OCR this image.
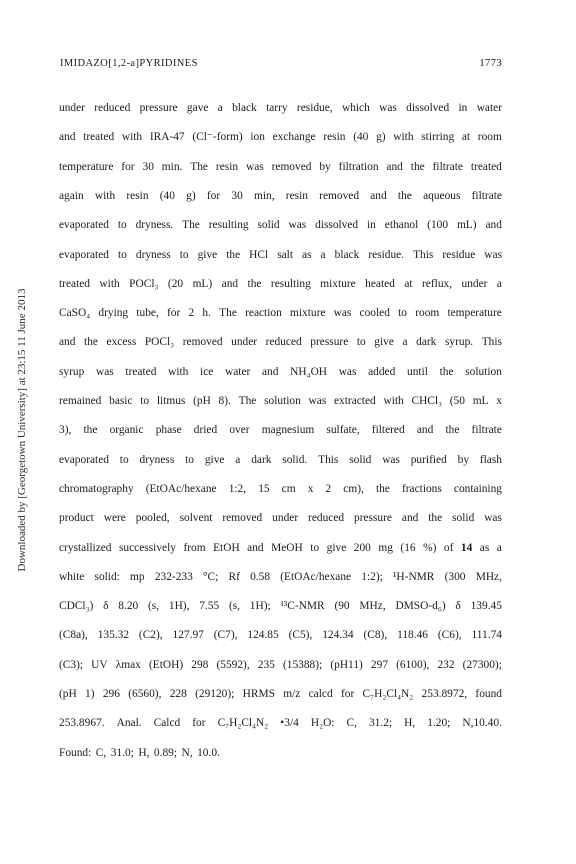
IMIDAZO[1,2-a]PYRIDINES	1773
Downloaded by [Georgetown University] at 23:15 11 June 2013
under reduced pressure gave a black tarry residue, which was dissolved in water
and treated with IRA-47 (Cl⁻-form) ion exchange resin (40 g) with stirring at room
temperature for 30 min. The resin was removed by filtration and the filtrate treated
again with resin (40 g) for 30 min, resin removed and the aqueous filtrate
evaporated to dryness. The resulting solid was dissolved in ethanol (100 mL) and
evaporated to dryness to give the HCl salt as a black residue. This residue was
treated with POCl₃ (20 mL) and the resulting mixture heated at reflux, under a
CaSO₄ drying tube, for 2 h. The reaction mixture was cooled to room temperature
and the excess POCl₃ removed under reduced pressure to give a dark syrup. This
syrup was treated with ice water and NH₄OH was added until the solution
remained basic to litmus (pH 8). The solution was extracted with CHCl₃ (50 mL x
3), the organic phase dried over magnesium sulfate, filtered and the filtrate
evaporated to dryness to give a dark solid. This solid was purified by flash
chromatography (EtOAc/hexane 1:2, 15 cm x 2 cm), the fractions containing
product were pooled, solvent removed under reduced pressure and the solid was
crystallized successively from EtOH and MeOH to give 200 mg (16 %) of 14 as a
white solid: mp 232-233 °C; Rf 0.58 (EtOAc/hexane 1:2); ¹H-NMR (300 MHz,
CDCl₃) δ 8.20 (s, 1H), 7.55 (s, 1H); ¹³C-NMR (90 MHz, DMSO-d₆) δ 139.45
(C8a), 135.32 (C2), 127.97 (C7), 124.85 (C5), 124.34 (C8), 118.46 (C6), 111.74
(C3); UV λmax (EtOH) 298 (5592), 235 (15388); (pH11) 297 (6100), 232 (27300);
(pH 1) 296 (6560), 228 (29120); HRMS m/z calcd for C₇H₂Cl₄N₂ 253.8972, found
253.8967. Anal. Calcd for C₇H₂Cl₄N₂ •3/4 H₂O: C, 31.2; H, 1.20; N,10.40.
Found: C, 31.0; H, 0.89; N, 10.0.
